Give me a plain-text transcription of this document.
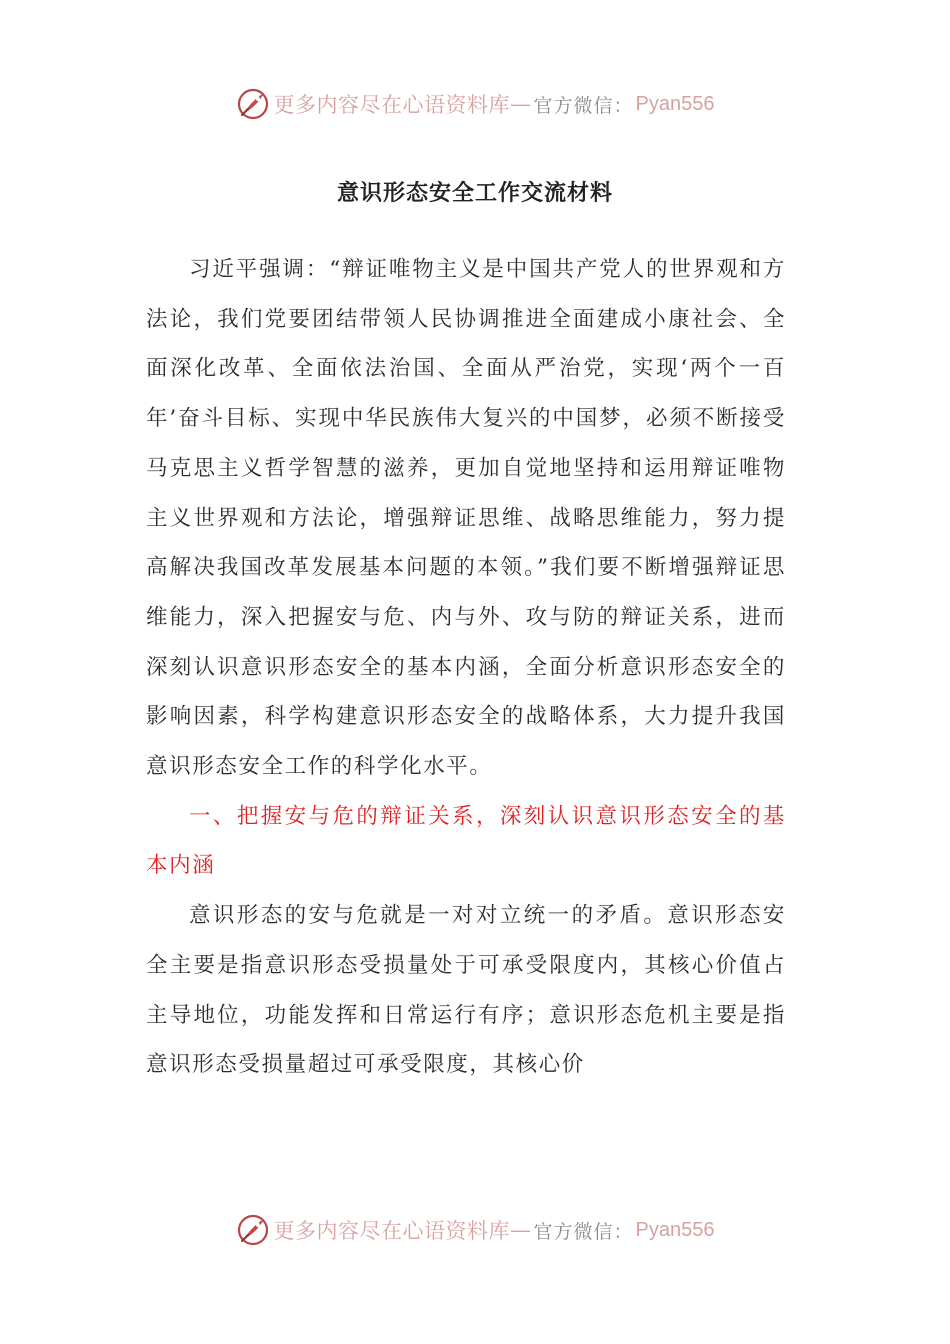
更多内容尽在心语资料库 — 官方微信： Pyan556
意识形态安全工作交流材料

习近平强调：“辩证唯物主义是中国共产党人的世界观和方法论，我们党要团结带领人民协调推进全面建成小康社会、全面深化改革、全面依法治国、全面从严治党，实现‘两个一百年’奋斗目标、实现中华民族伟大复兴的中国梦，必须不断接受马克思主义哲学智慧的滋养，更加自觉地坚持和运用辩证唯物主义世界观和方法论，增强辩证思维、战略思维能力，努力提高解决我国改革发展基本问题的本领。”我们要不断增强辩证思维能力，深入把握安与危、内与外、攻与防的辩证关系，进而深刻认识意识形态安全的基本内涵，全面分析意识形态安全的影响因素，科学构建意识形态安全的战略体系，大力提升我国意识形态安全工作的科学化水平。

一、把握安与危的辩证关系，深刻认识意识形态安全的基本内涵

意识形态的安与危就是一对对立统一的矛盾。意识形态安全主要是指意识形态受损量处于可承受限度内，其核心价值占主导地位，功能发挥和日常运行有序；意识形态危机主要是指意识形态受损量超过可承受限度，其核心价

更多内容尽在心语资料库 — 官方微信： Pyan556
